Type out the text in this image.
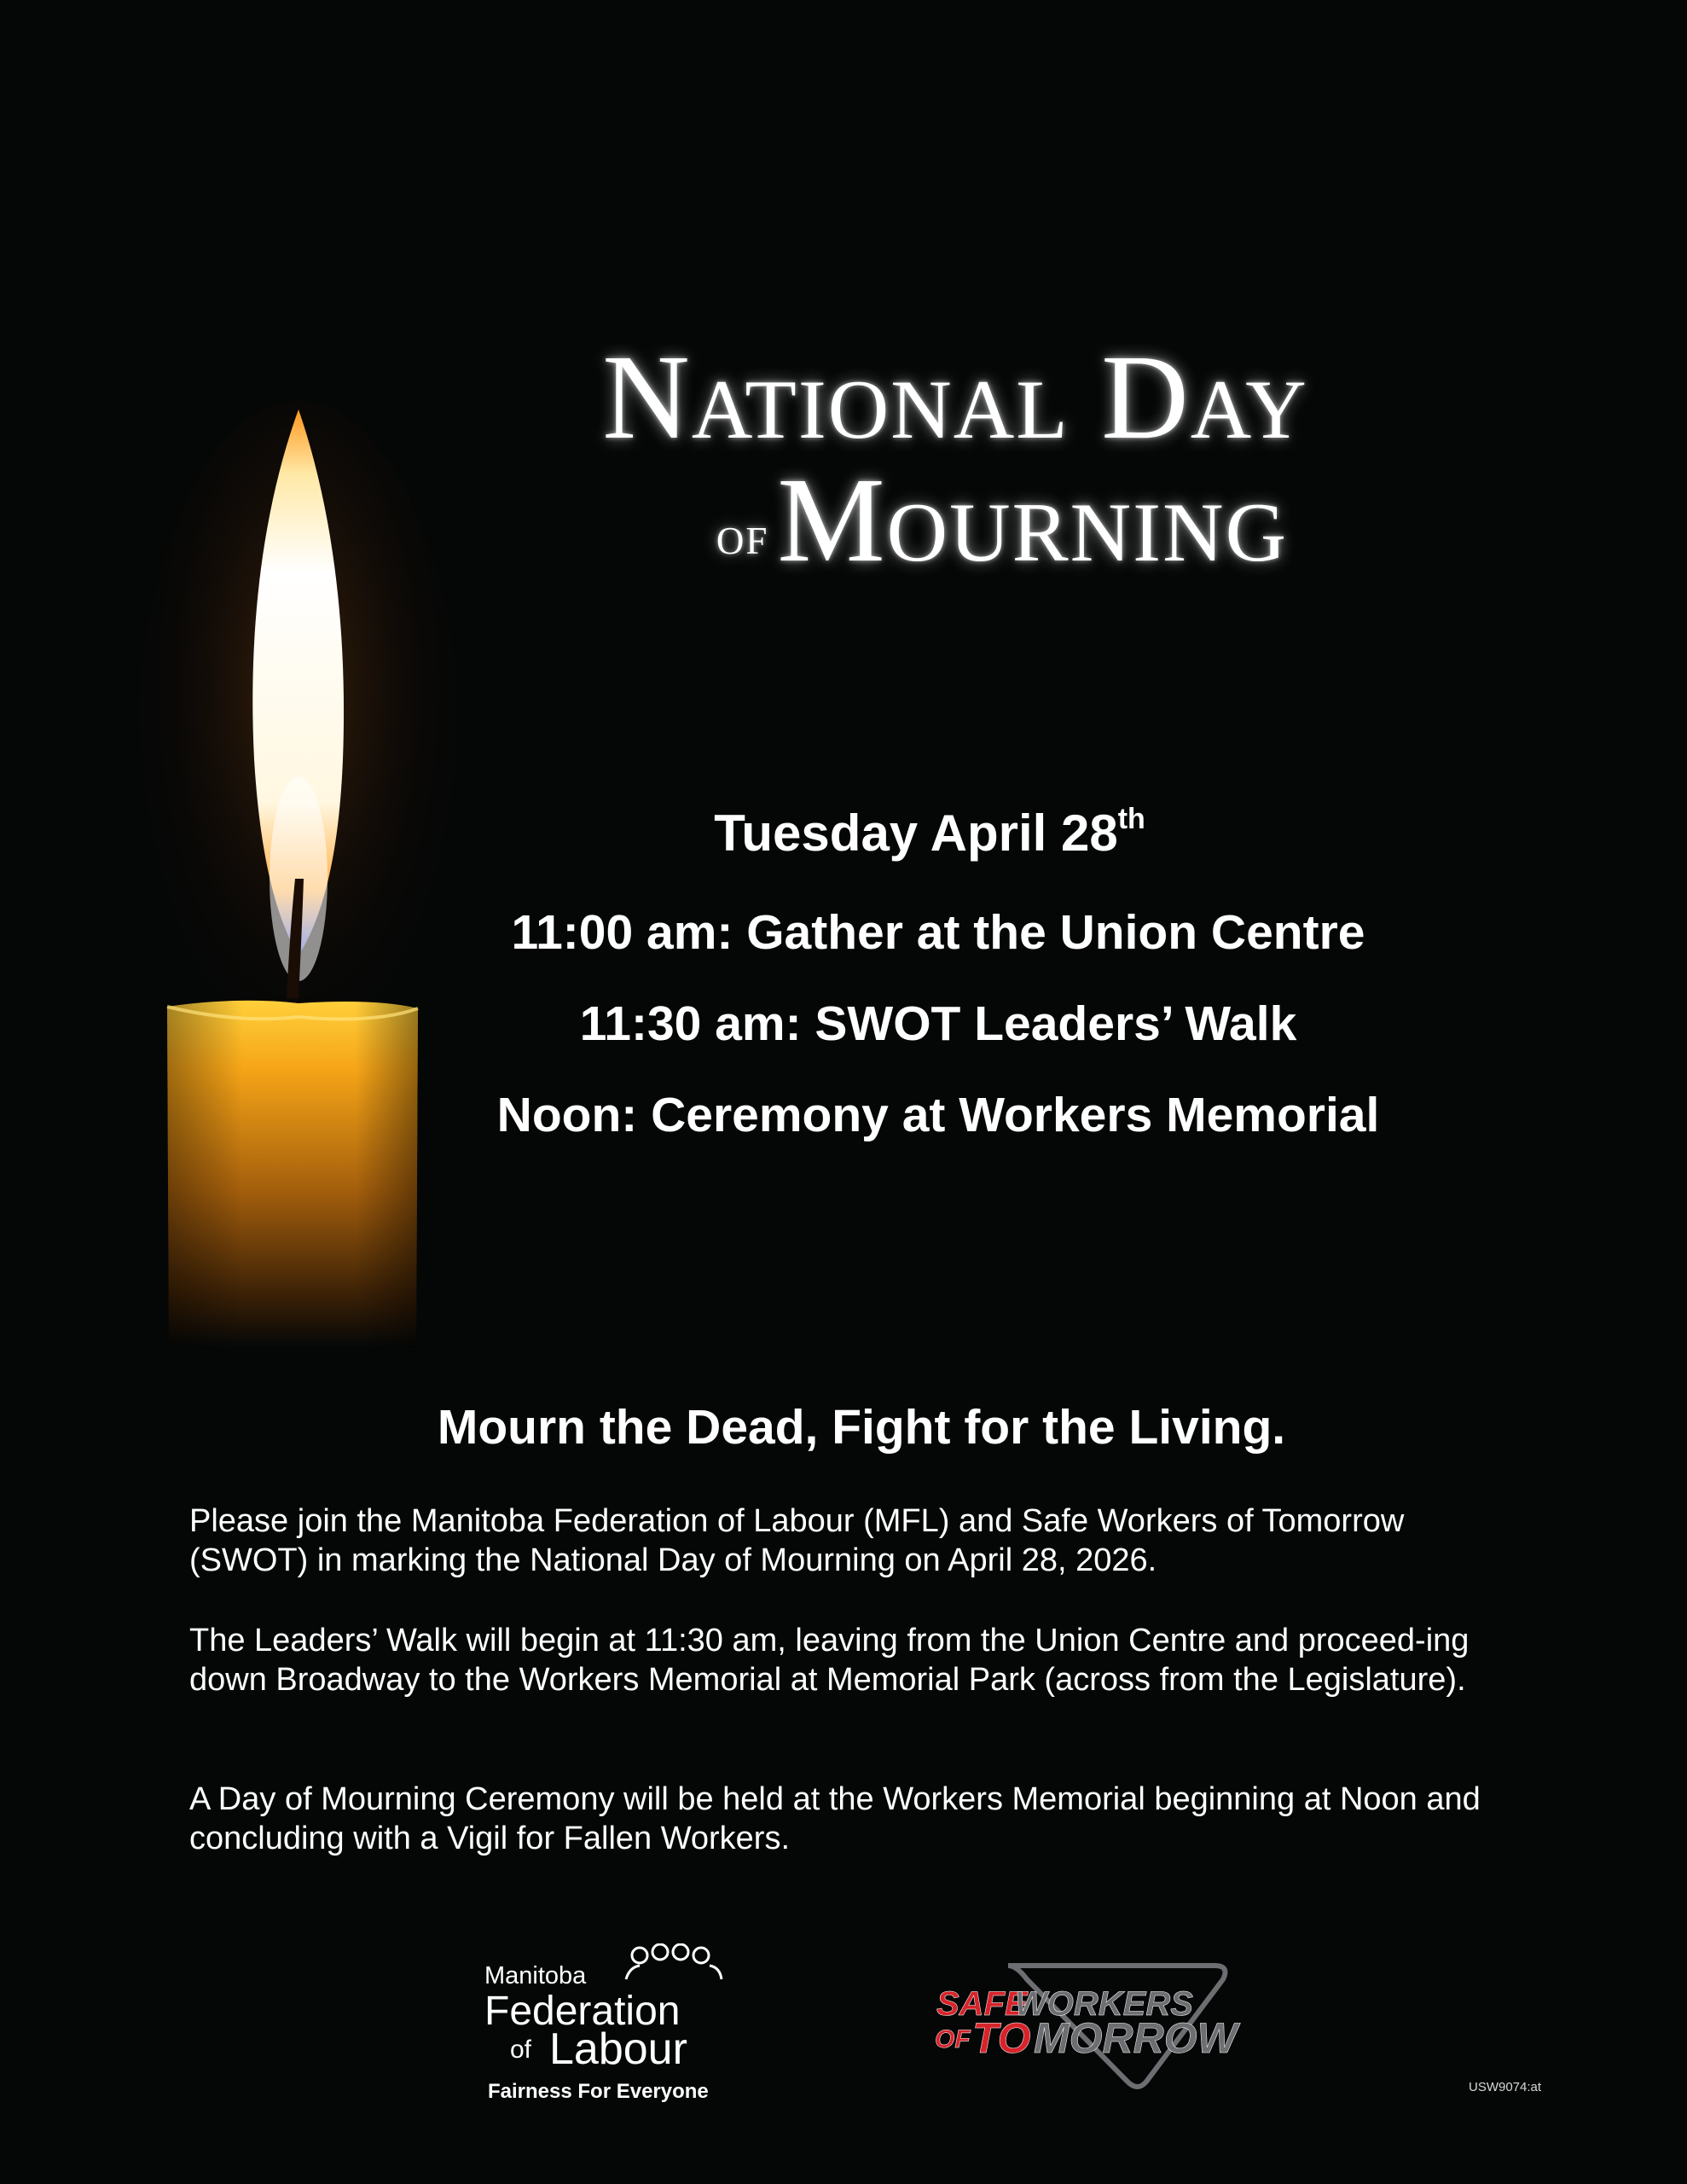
National Day
ofMourning
Tuesday April 28th
11:00 am: Gather at the Union Centre
11:30 am: SWOT Leaders’ Walk
Noon: Ceremony at Workers Memorial
Mourn the Dead, Fight for the Living.
Please join the Manitoba Federation of Labour (MFL) and Safe Workers of Tomorrow (SWOT) in marking the National Day of Mourning on April 28, 2026.
The Leaders’ Walk will begin at 11:30 am, leaving from the Union Centre and proceed-ing down Broadway to the Workers Memorial at Memorial Park (across from the Legislature).
A Day of Mourning Ceremony will be held at the Workers Memorial beginning at Noon and concluding with a Vigil for Fallen Workers.
Manitoba
Federation
of Labour
Fairness For Everyone
SAFE
WORKERS
OF TO MORROW
USW9074:at
